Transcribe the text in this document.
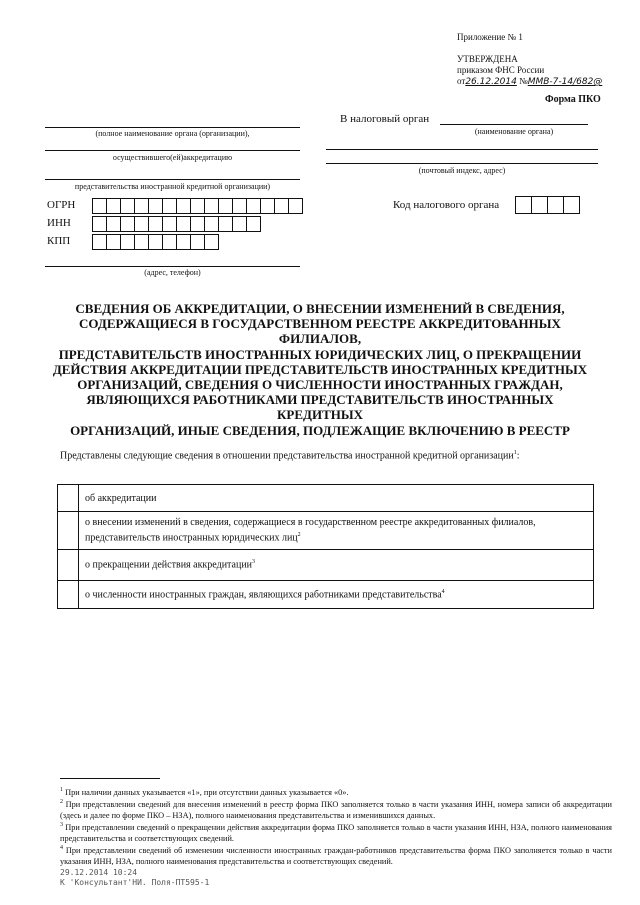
Приложение № 1
УТВЕРЖДЕНА
приказом ФНС России
от26.12.2014 №ММВ-7-14/682@
Форма ПКО
(полное наименование органа (организации),
осуществившего(ей)аккредитацию
представительства иностранной кредитной организации)
ОГРН
ИНН
КПП
(адрес, телефон)
В налоговый орган
(наименование органа)
(почтовый индекс, адрес)
Код налогового органа
СВЕДЕНИЯ ОБ АККРЕДИТАЦИИ, О ВНЕСЕНИИ ИЗМЕНЕНИЙ В СВЕДЕНИЯ,
СОДЕРЖАЩИЕСЯ В ГОСУДАРСТВЕННОМ РЕЕСТРЕ АККРЕДИТОВАННЫХ ФИЛИАЛОВ,
ПРЕДСТАВИТЕЛЬСТВ ИНОСТРАННЫХ ЮРИДИЧЕСКИХ ЛИЦ, О ПРЕКРАЩЕНИИ
ДЕЙСТВИЯ АККРЕДИТАЦИИ ПРЕДСТАВИТЕЛЬСТВ ИНОСТРАННЫХ КРЕДИТНЫХ
ОРГАНИЗАЦИЙ, СВЕДЕНИЯ О ЧИСЛЕННОСТИ ИНОСТРАННЫХ ГРАЖДАН,
ЯВЛЯЮЩИХСЯ РАБОТНИКАМИ ПРЕДСТАВИТЕЛЬСТВ ИНОСТРАННЫХ КРЕДИТНЫХ
ОРГАНИЗАЦИЙ, ИНЫЕ СВЕДЕНИЯ, ПОДЛЕЖАЩИЕ ВКЛЮЧЕНИЮ В РЕЕСТР
Представлены следующие сведения в отношении представительства иностранной кредитной организации$^1$:
	об аккредитации
	о внесении изменений в сведения, содержащиеся в государственном реестре аккредитованных филиалов, представительств иностранных юридических лиц$^2$
	о прекращении действия аккредитации$^3$
	о численности иностранных граждан, являющихся работниками представительства$^4$
$^1$ При наличии данных указывается «1», при отсутствии данных указывается «0».
$^2$ При представлении сведений для внесения изменений в реестр форма ПКО заполняется только в части указания ИНН, номера записи об аккредитации (здесь и далее по форме ПКО – НЗА), полного наименования представительства и изменившихся данных.
$^3$ При представлении сведений о прекращении действия аккредитации форма ПКО заполняется только в части указания ИНН, НЗА, полного наименования представительства и соответствующих сведений.
$^4$ При представлении сведений об изменении численности иностранных граждан-работников представительства форма ПКО заполняется только в части указания ИНН, НЗА, полного наименования представительства и соответствующих сведений.
29.12.2014 10:24
К 'Консультант'НИ. Поля-ПТ595-1
